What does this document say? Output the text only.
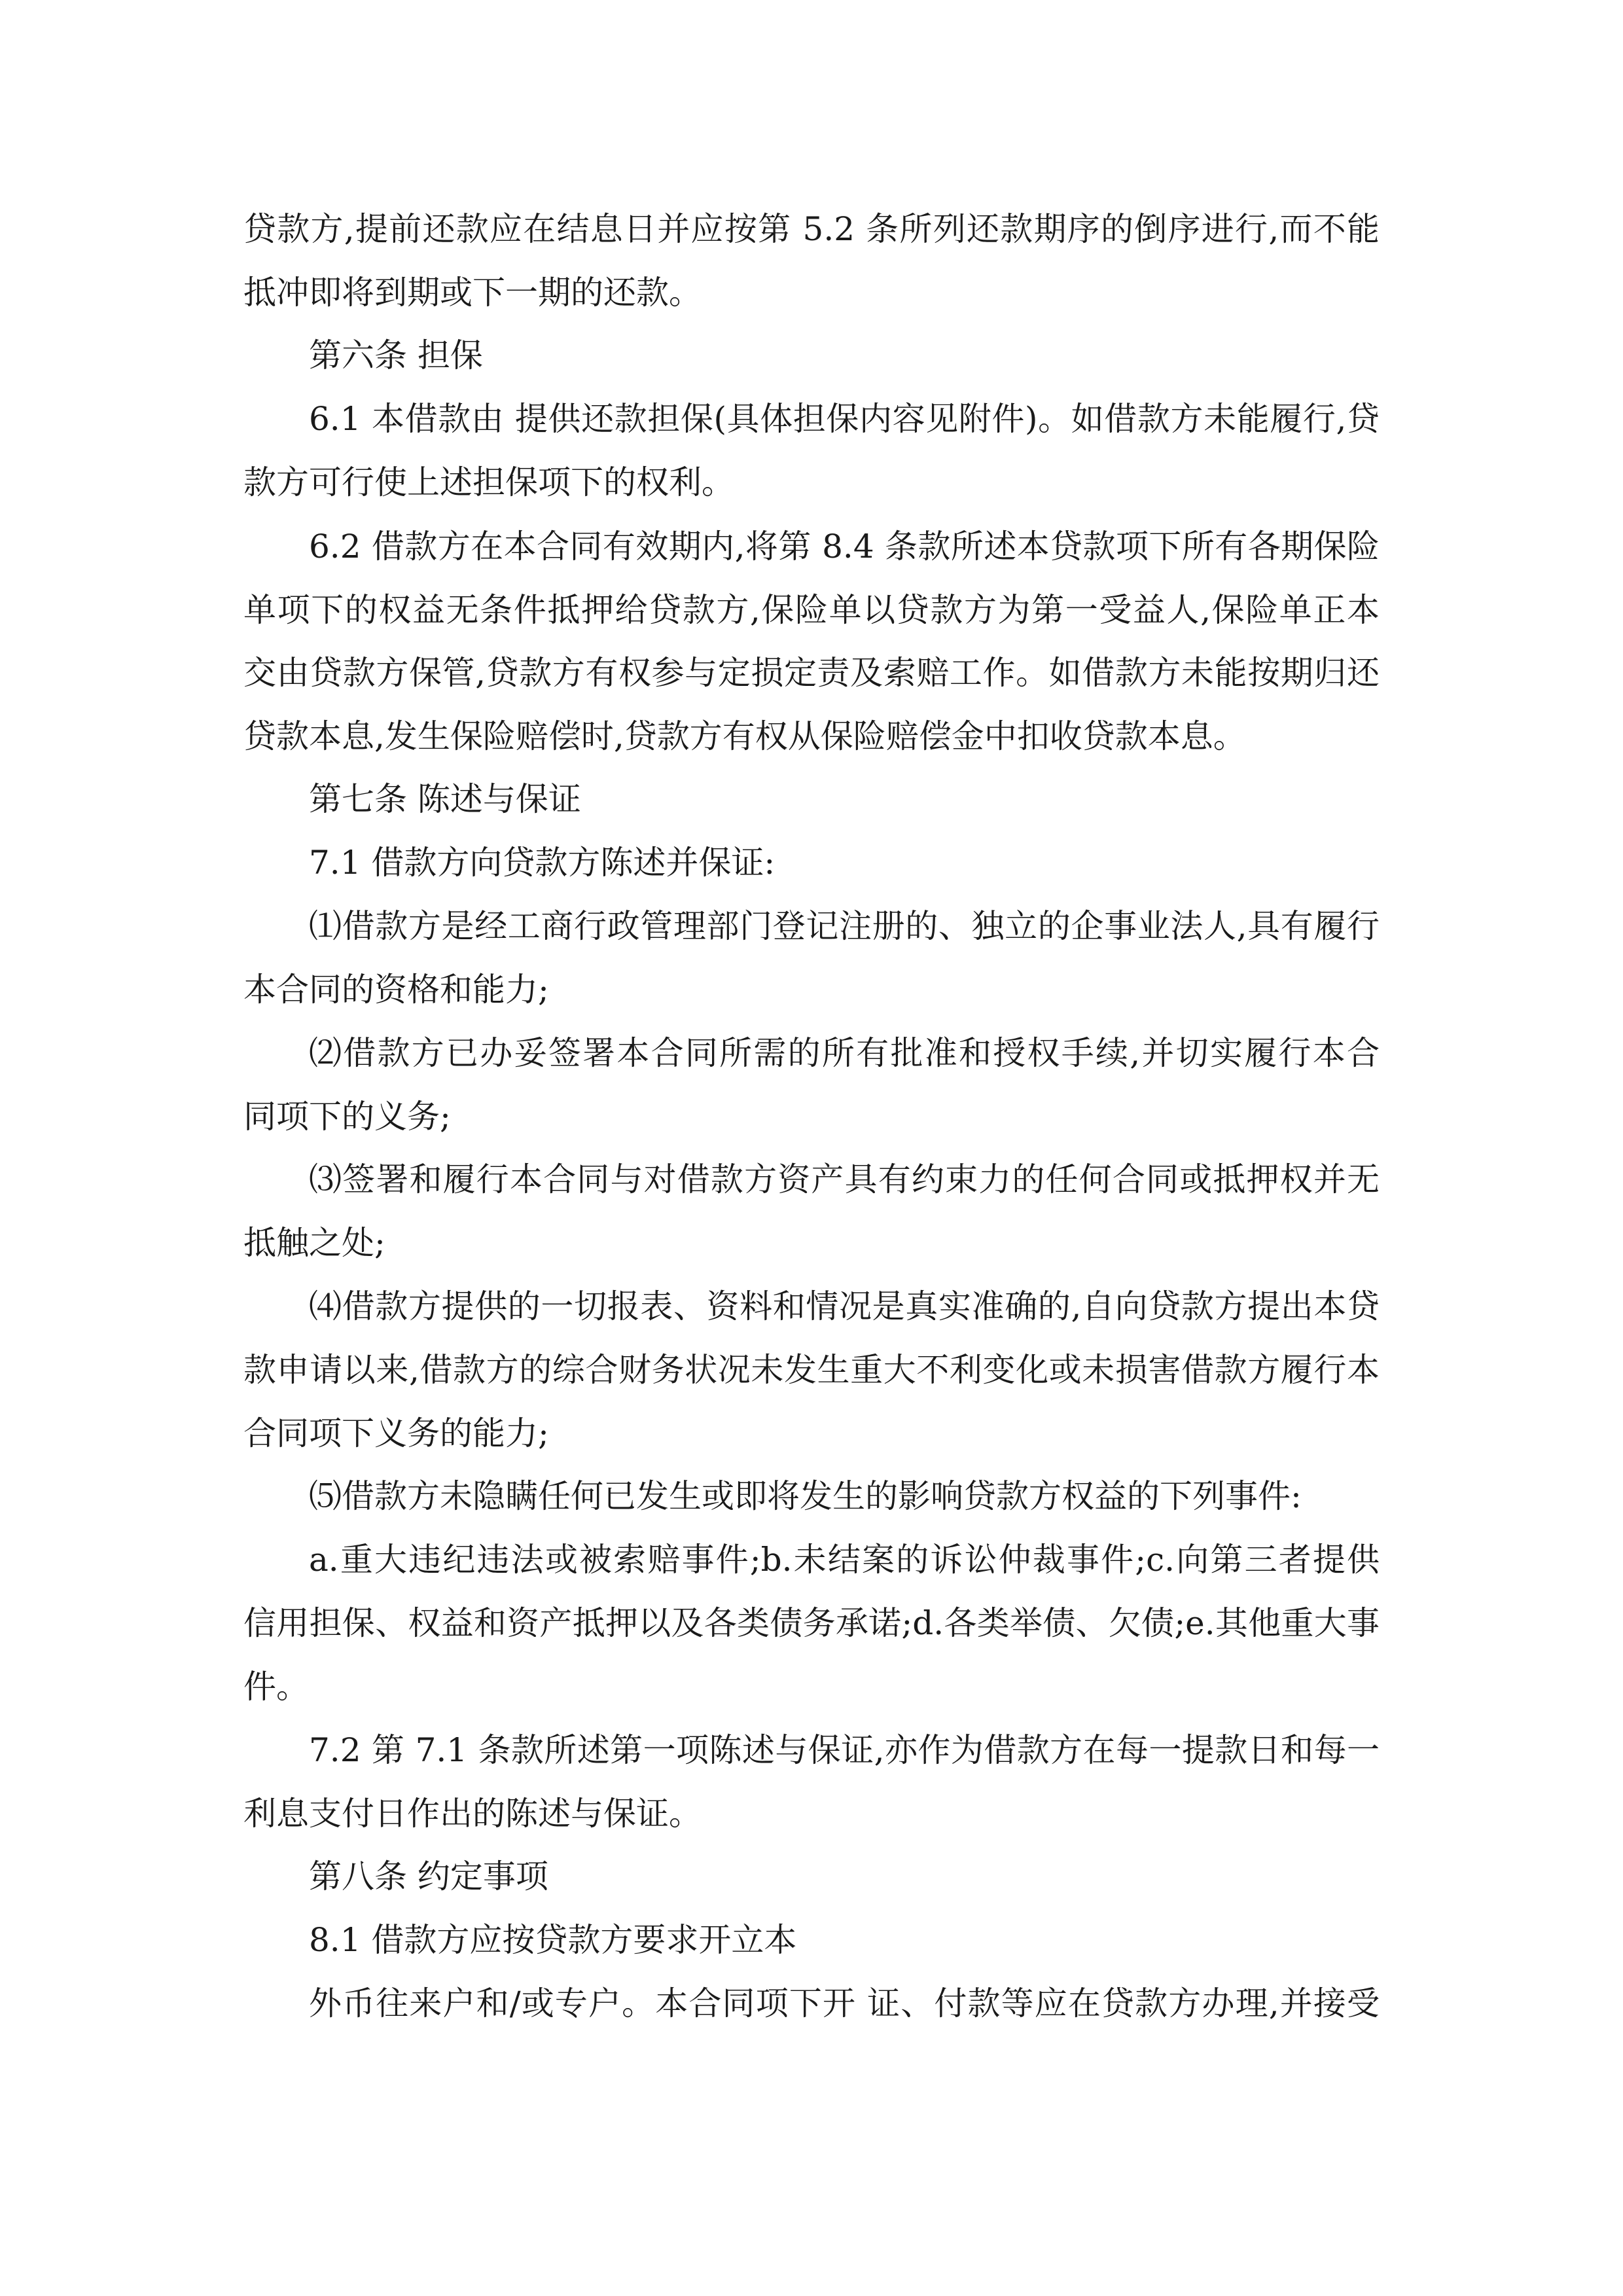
贷款方,提前还款应在结息日并应按第 5.2 条所列还款期序的倒序进行,而不能
抵冲即将到期或下一期的还款。
第六条 担保
6.1 本借款由 提供还款担保(具体担保内容见附件)。如借款方未能履行,贷
款方可行使上述担保项下的权利。
6.2 借款方在本合同有效期内,将第 8.4 条款所述本贷款项下所有各期保险
单项下的权益无条件抵押给贷款方,保险单以贷款方为第一受益人,保险单正本
交由贷款方保管,贷款方有权参与定损定责及索赔工作。如借款方未能按期归还
贷款本息,发生保险赔偿时,贷款方有权从保险赔偿金中扣收贷款本息。
第七条 陈述与保证
7.1 借款方向贷款方陈述并保证:
⑴借款方是经工商行政管理部门登记注册的、独立的企事业法人,具有履行
本合同的资格和能力;
⑵借款方已办妥签署本合同所需的所有批准和授权手续,并切实履行本合
同项下的义务;
⑶签署和履行本合同与对借款方资产具有约束力的任何合同或抵押权并无
抵触之处;
⑷借款方提供的一切报表、资料和情况是真实准确的,自向贷款方提出本贷
款申请以来,借款方的综合财务状况未发生重大不利变化或未损害借款方履行本
合同项下义务的能力;
⑸借款方未隐瞒任何已发生或即将发生的影响贷款方权益的下列事件:
a.重大违纪违法或被索赔事件;b.未结案的诉讼仲裁事件;c.向第三者提供
信用担保、权益和资产抵押以及各类债务承诺;d.各类举债、欠债;e.其他重大事
件。
7.2 第 7.1 条款所述第一项陈述与保证,亦作为借款方在每一提款日和每一
利息支付日作出的陈述与保证。
第八条 约定事项
8.1 借款方应按贷款方要求开立本
外币往来户和/或专户。本合同项下开 证、付款等应在贷款方办理,并接受
